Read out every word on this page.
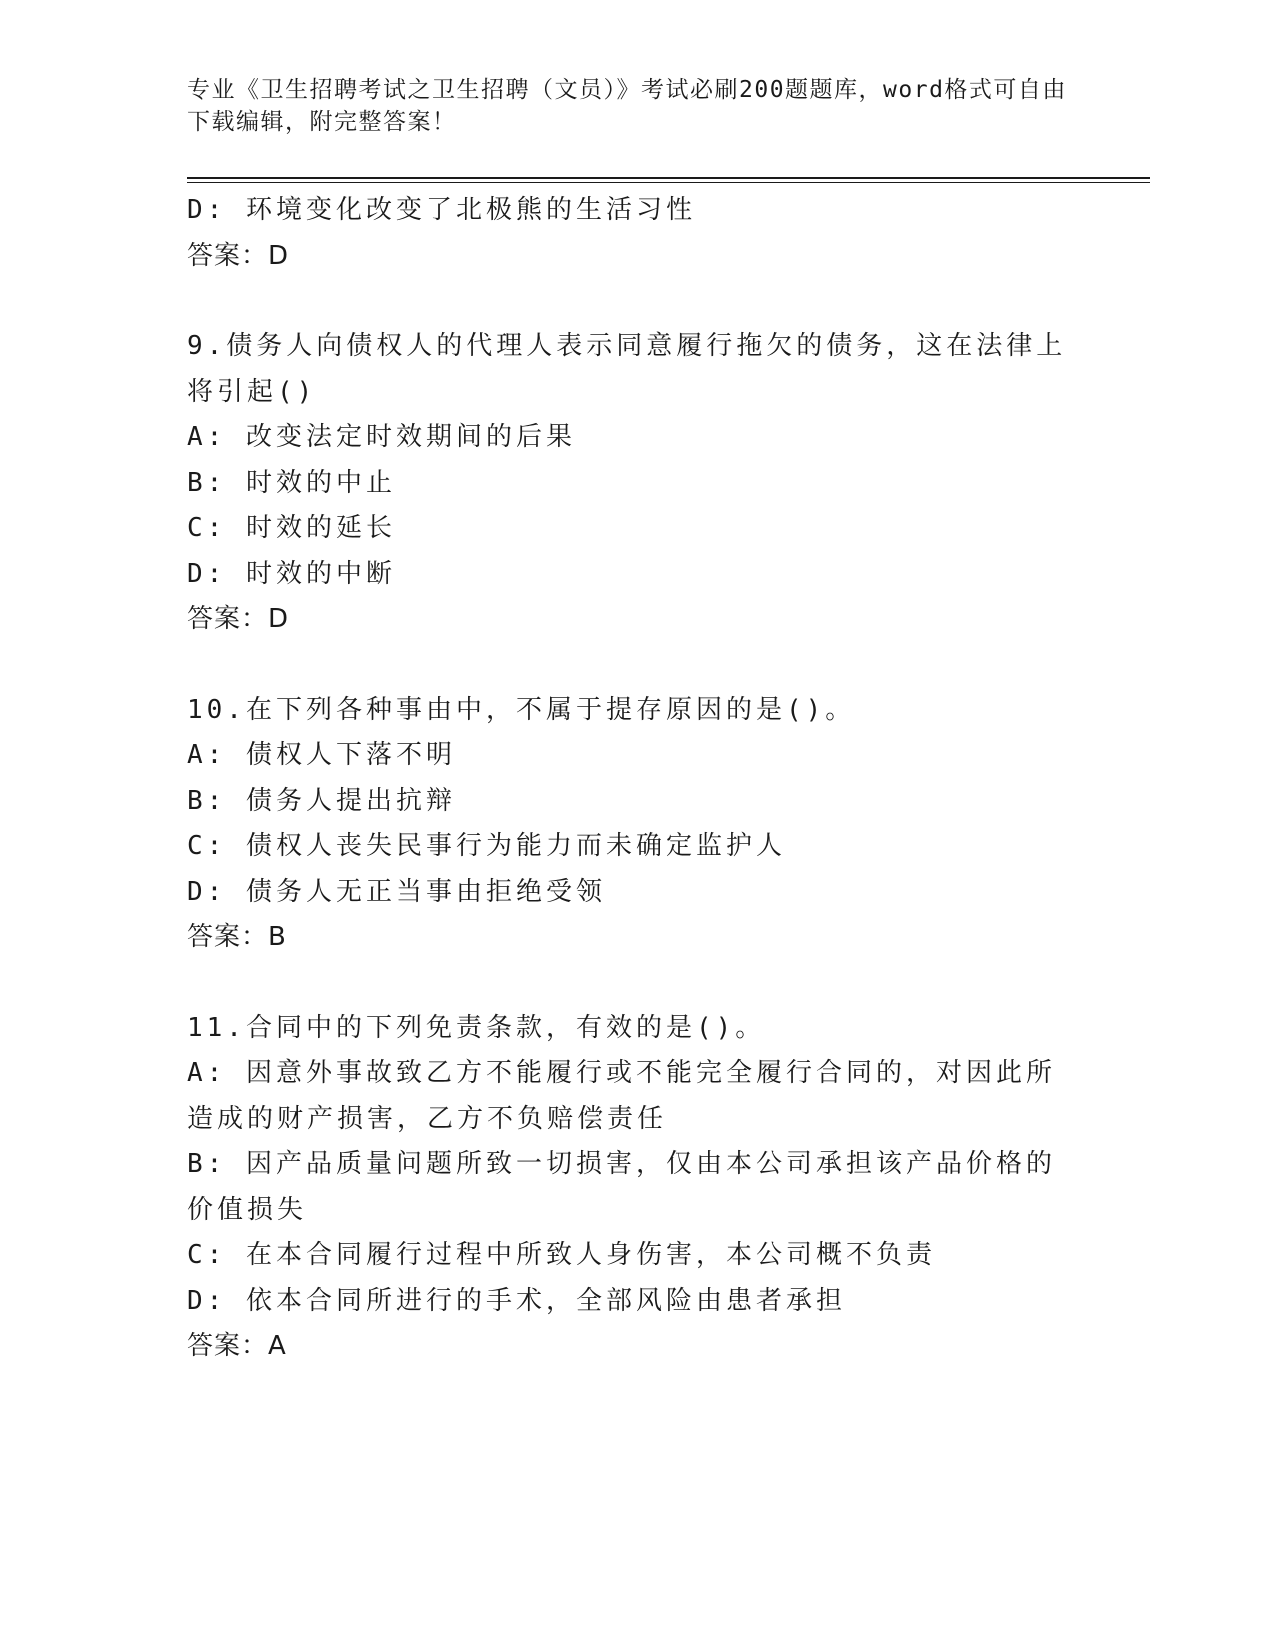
专业《卫生招聘考试之卫生招聘（文员）》考试必刷200题题库，word格式可自由下载编辑，附完整答案！

D: 环境变化改变了北极熊的生活习性

答案：D

9.债务人向债权人的代理人表示同意履行拖欠的债务，这在法律上将引起()

A: 改变法定时效期间的后果

B: 时效的中止

C: 时效的延长

D: 时效的中断

答案：D

10.在下列各种事由中，不属于提存原因的是()。

A: 债权人下落不明

B: 债务人提出抗辩

C: 债权人丧失民事行为能力而未确定监护人

D: 债务人无正当事由拒绝受领

答案：B

11.合同中的下列免责条款，有效的是()。

A: 因意外事故致乙方不能履行或不能完全履行合同的，对因此所造成的财产损害，乙方不负赔偿责任

B: 因产品质量问题所致一切损害，仅由本公司承担该产品价格的价值损失

C: 在本合同履行过程中所致人身伤害，本公司概不负责

D: 依本合同所进行的手术，全部风险由患者承担

答案：A
